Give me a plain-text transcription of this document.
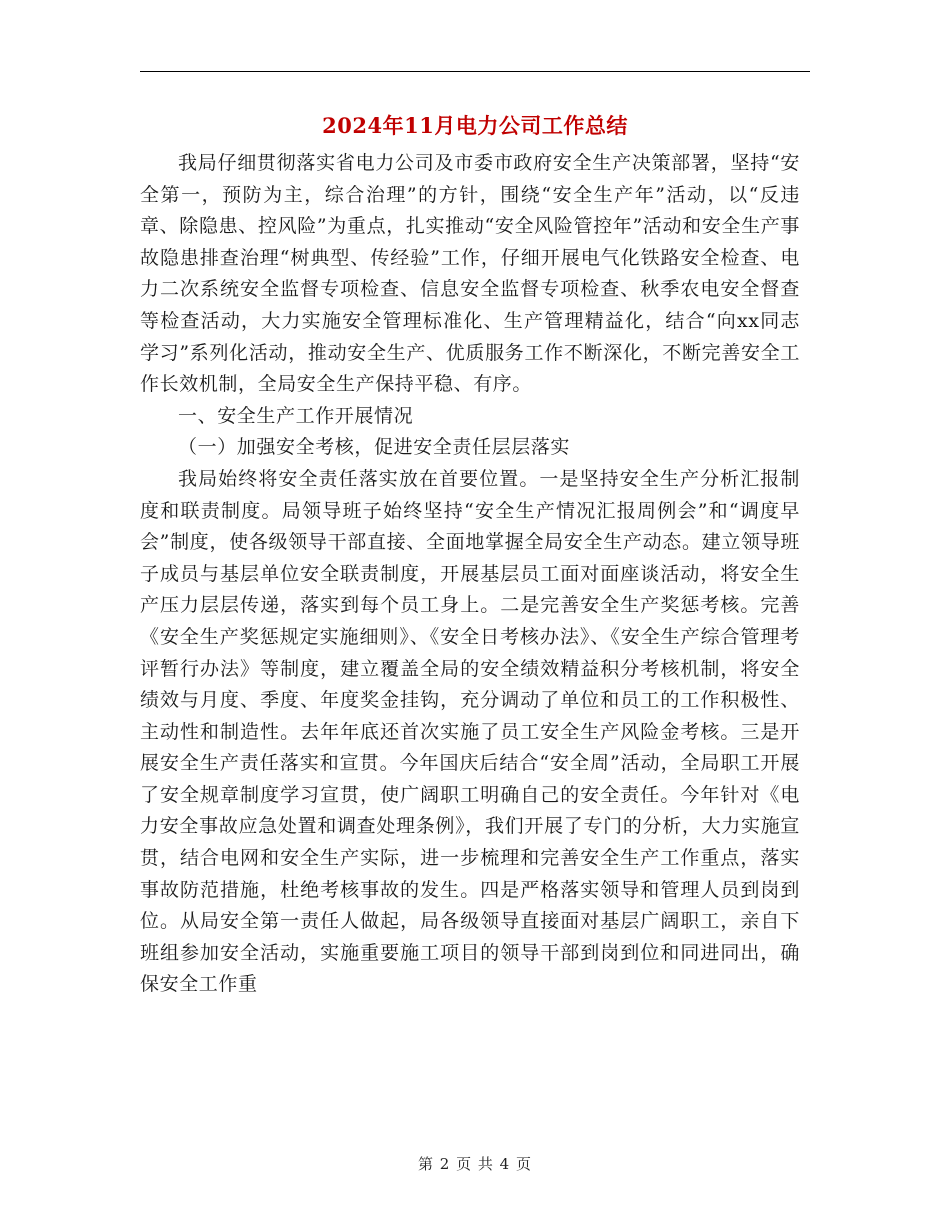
2024年11月电力公司工作总结

我局仔细贯彻落实省电力公司及市委市政府安全生产决策部署，坚持“安全第一，预防为主，综合治理”的方针，围绕“安全生产年”活动，以“反违章、除隐患、控风险”为重点，扎实推动“安全风险管控年”活动和安全生产事故隐患排查治理“树典型、传经验”工作，仔细开展电气化铁路安全检查、电力二次系统安全监督专项检查、信息安全监督专项检查、秋季农电安全督查等检查活动，大力实施安全管理标准化、生产管理精益化，结合“向xx同志学习”系列化活动，推动安全生产、优质服务工作不断深化，不断完善安全工作长效机制，全局安全生产保持平稳、有序。

一、安全生产工作开展情况

（一）加强安全考核，促进安全责任层层落实

我局始终将安全责任落实放在首要位置。一是坚持安全生产分析汇报制度和联责制度。局领导班子始终坚持“安全生产情况汇报周例会”和“调度早会”制度，使各级领导干部直接、全面地掌握全局安全生产动态。建立领导班子成员与基层单位安全联责制度，开展基层员工面对面座谈活动，将安全生产压力层层传递，落实到每个员工身上。二是完善安全生产奖惩考核。完善《安全生产奖惩规定实施细则》、《安全日考核办法》、《安全生产综合管理考评暂行办法》等制度，建立覆盖全局的安全绩效精益积分考核机制，将安全绩效与月度、季度、年度奖金挂钩，充分调动了单位和员工的工作积极性、主动性和制造性。去年年底还首次实施了员工安全生产风险金考核。三是开展安全生产责任落实和宣贯。今年国庆后结合“安全周”活动，全局职工开展了安全规章制度学习宣贯，使广阔职工明确自己的安全责任。今年针对《电力安全事故应急处置和调查处理条例》，我们开展了专门的分析，大力实施宣贯，结合电网和安全生产实际，进一步梳理和完善安全生产工作重点，落实事故防范措施，杜绝考核事故的发生。四是严格落实领导和管理人员到岗到位。从局安全第一责任人做起，局各级领导直接面对基层广阔职工，亲自下班组参加安全活动，实施重要施工项目的领导干部到岗到位和同进同出，确保安全工作重

第 2 页 共 4 页
